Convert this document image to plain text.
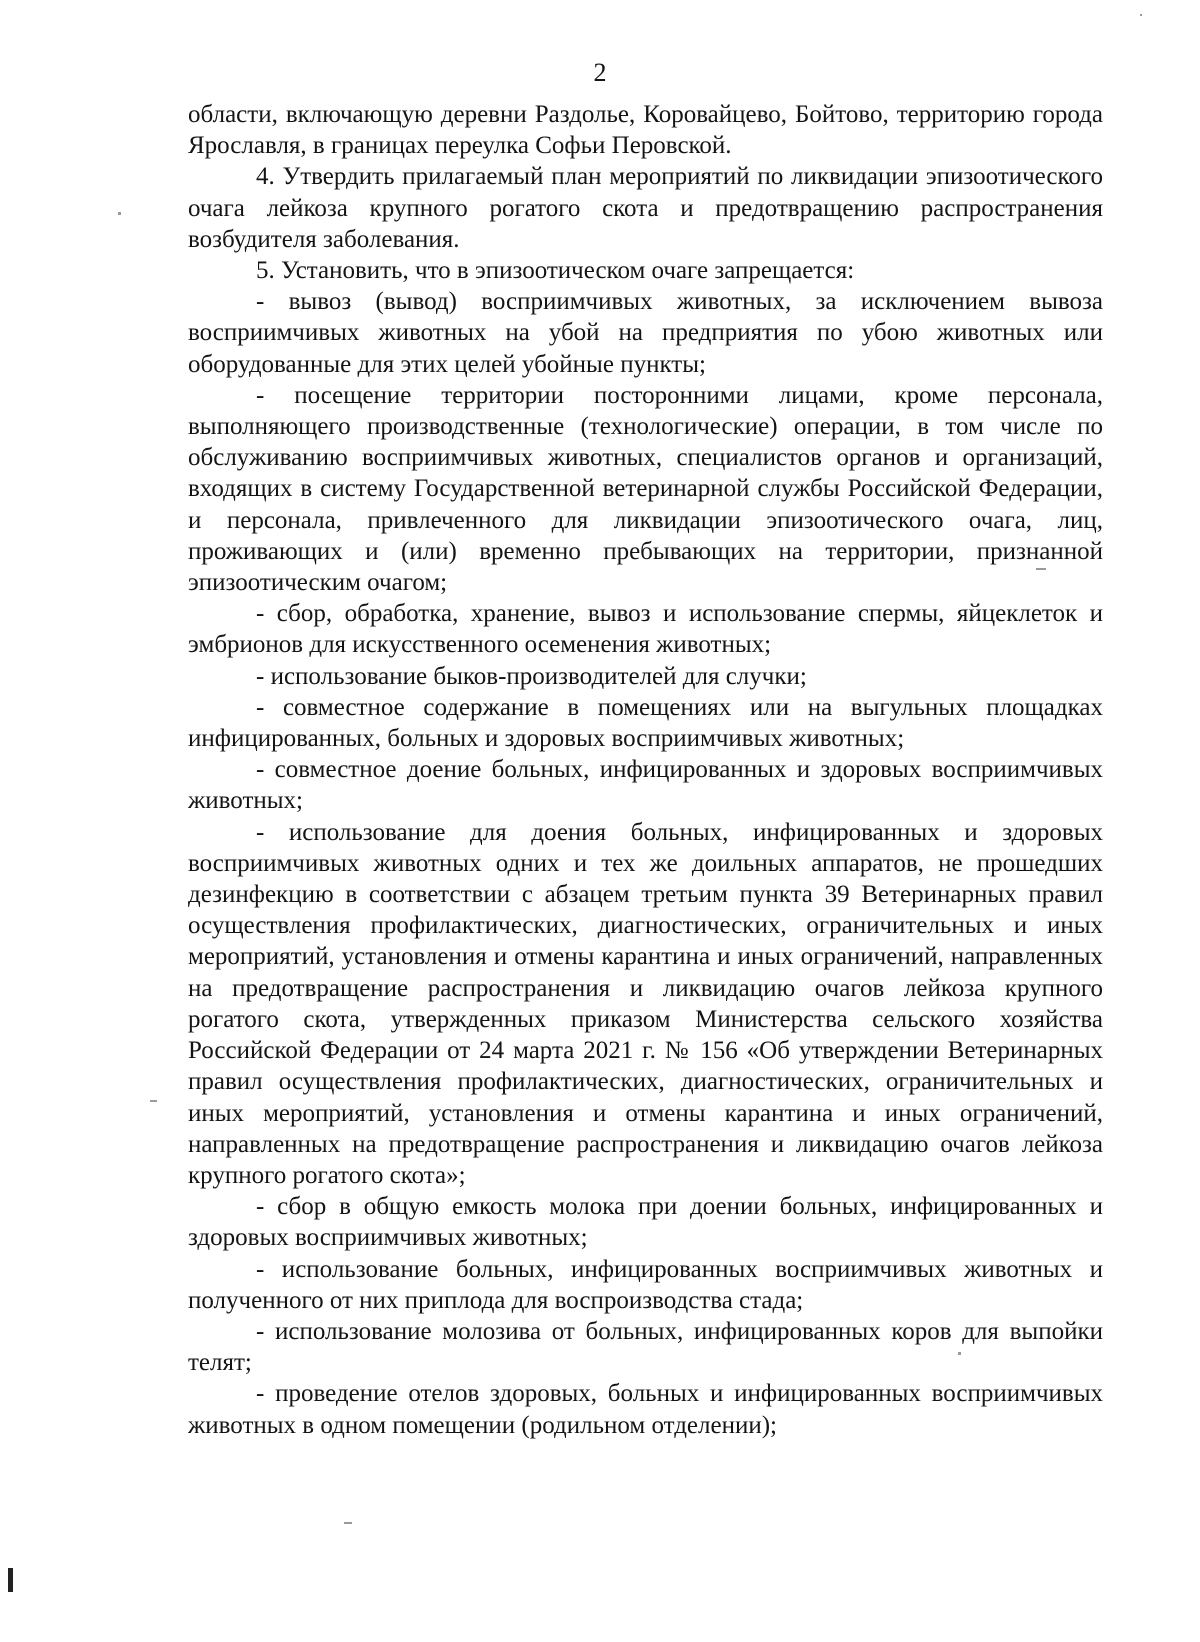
2

области, включающую деревни Раздолье, Коровайцево, Бойтово, территорию города Ярославля, в границах переулка Софьи Перовской.

4. Утвердить прилагаемый план мероприятий по ликвидации эпизоотического очага лейкоза крупного рогатого скота и предотвращению распространения возбудителя заболевания.

5. Установить, что в эпизоотическом очаге запрещается:

- вывоз (вывод) восприимчивых животных, за исключением вывоза восприимчивых животных на убой на предприятия по убою животных или оборудованные для этих целей убойные пункты;

- посещение территории посторонними лицами, кроме персонала, выполняющего производственные (технологические) операции, в том числе по обслуживанию восприимчивых животных, специалистов органов и организаций, входящих в систему Государственной ветеринарной службы Российской Федерации, и персонала, привлеченного для ликвидации эпизоотического очага, лиц, проживающих и (или) временно пребывающих на территории, признанной эпизоотическим очагом;

- сбор, обработка, хранение, вывоз и использование спермы, яйцеклеток и эмбрионов для искусственного осеменения животных;

- использование быков-производителей для случки;

- совместное содержание в помещениях или на выгульных площадках инфицированных, больных и здоровых восприимчивых животных;

- совместное доение больных, инфицированных и здоровых восприимчивых животных;

- использование для доения больных, инфицированных и здоровых восприимчивых животных одних и тех же доильных аппаратов, не прошедших дезинфекцию в соответствии с абзацем третьим пункта 39 Ветеринарных правил осуществления профилактических, диагностических, ограничительных и иных мероприятий, установления и отмены карантина и иных ограничений, направленных на предотвращение распространения и ликвидацию очагов лейкоза крупного рогатого скота, утвержденных приказом Министерства сельского хозяйства Российской Федерации от 24 марта 2021 г. № 156 «Об утверждении Ветеринарных правил осуществления профилактических, диагностических, ограничительных и иных мероприятий, установления и отмены карантина и иных ограничений, направленных на предотвращение распространения и ликвидацию очагов лейкоза крупного рогатого скота»;

- сбор в общую емкость молока при доении больных, инфицированных и здоровых восприимчивых животных;

- использование больных, инфицированных восприимчивых животных и полученного от них приплода для воспроизводства стада;

- использование молозива от больных, инфицированных коров для выпойки телят;

- проведение отелов здоровых, больных и инфицированных восприимчивых животных в одном помещении (родильном отделении);
